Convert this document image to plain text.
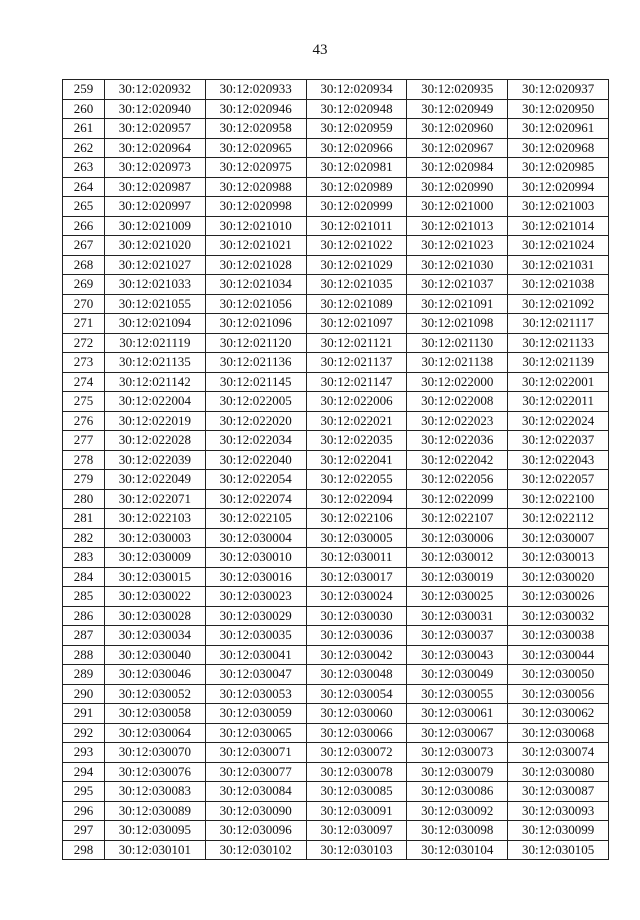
43
259	30:12:020932	30:12:020933	30:12:020934	30:12:020935	30:12:020937
260	30:12:020940	30:12:020946	30:12:020948	30:12:020949	30:12:020950
261	30:12:020957	30:12:020958	30:12:020959	30:12:020960	30:12:020961
262	30:12:020964	30:12:020965	30:12:020966	30:12:020967	30:12:020968
263	30:12:020973	30:12:020975	30:12:020981	30:12:020984	30:12:020985
264	30:12:020987	30:12:020988	30:12:020989	30:12:020990	30:12:020994
265	30:12:020997	30:12:020998	30:12:020999	30:12:021000	30:12:021003
266	30:12:021009	30:12:021010	30:12:021011	30:12:021013	30:12:021014
267	30:12:021020	30:12:021021	30:12:021022	30:12:021023	30:12:021024
268	30:12:021027	30:12:021028	30:12:021029	30:12:021030	30:12:021031
269	30:12:021033	30:12:021034	30:12:021035	30:12:021037	30:12:021038
270	30:12:021055	30:12:021056	30:12:021089	30:12:021091	30:12:021092
271	30:12:021094	30:12:021096	30:12:021097	30:12:021098	30:12:021117
272	30:12:021119	30:12:021120	30:12:021121	30:12:021130	30:12:021133
273	30:12:021135	30:12:021136	30:12:021137	30:12:021138	30:12:021139
274	30:12:021142	30:12:021145	30:12:021147	30:12:022000	30:12:022001
275	30:12:022004	30:12:022005	30:12:022006	30:12:022008	30:12:022011
276	30:12:022019	30:12:022020	30:12:022021	30:12:022023	30:12:022024
277	30:12:022028	30:12:022034	30:12:022035	30:12:022036	30:12:022037
278	30:12:022039	30:12:022040	30:12:022041	30:12:022042	30:12:022043
279	30:12:022049	30:12:022054	30:12:022055	30:12:022056	30:12:022057
280	30:12:022071	30:12:022074	30:12:022094	30:12:022099	30:12:022100
281	30:12:022103	30:12:022105	30:12:022106	30:12:022107	30:12:022112
282	30:12:030003	30:12:030004	30:12:030005	30:12:030006	30:12:030007
283	30:12:030009	30:12:030010	30:12:030011	30:12:030012	30:12:030013
284	30:12:030015	30:12:030016	30:12:030017	30:12:030019	30:12:030020
285	30:12:030022	30:12:030023	30:12:030024	30:12:030025	30:12:030026
286	30:12:030028	30:12:030029	30:12:030030	30:12:030031	30:12:030032
287	30:12:030034	30:12:030035	30:12:030036	30:12:030037	30:12:030038
288	30:12:030040	30:12:030041	30:12:030042	30:12:030043	30:12:030044
289	30:12:030046	30:12:030047	30:12:030048	30:12:030049	30:12:030050
290	30:12:030052	30:12:030053	30:12:030054	30:12:030055	30:12:030056
291	30:12:030058	30:12:030059	30:12:030060	30:12:030061	30:12:030062
292	30:12:030064	30:12:030065	30:12:030066	30:12:030067	30:12:030068
293	30:12:030070	30:12:030071	30:12:030072	30:12:030073	30:12:030074
294	30:12:030076	30:12:030077	30:12:030078	30:12:030079	30:12:030080
295	30:12:030083	30:12:030084	30:12:030085	30:12:030086	30:12:030087
296	30:12:030089	30:12:030090	30:12:030091	30:12:030092	30:12:030093
297	30:12:030095	30:12:030096	30:12:030097	30:12:030098	30:12:030099
298	30:12:030101	30:12:030102	30:12:030103	30:12:030104	30:12:030105
